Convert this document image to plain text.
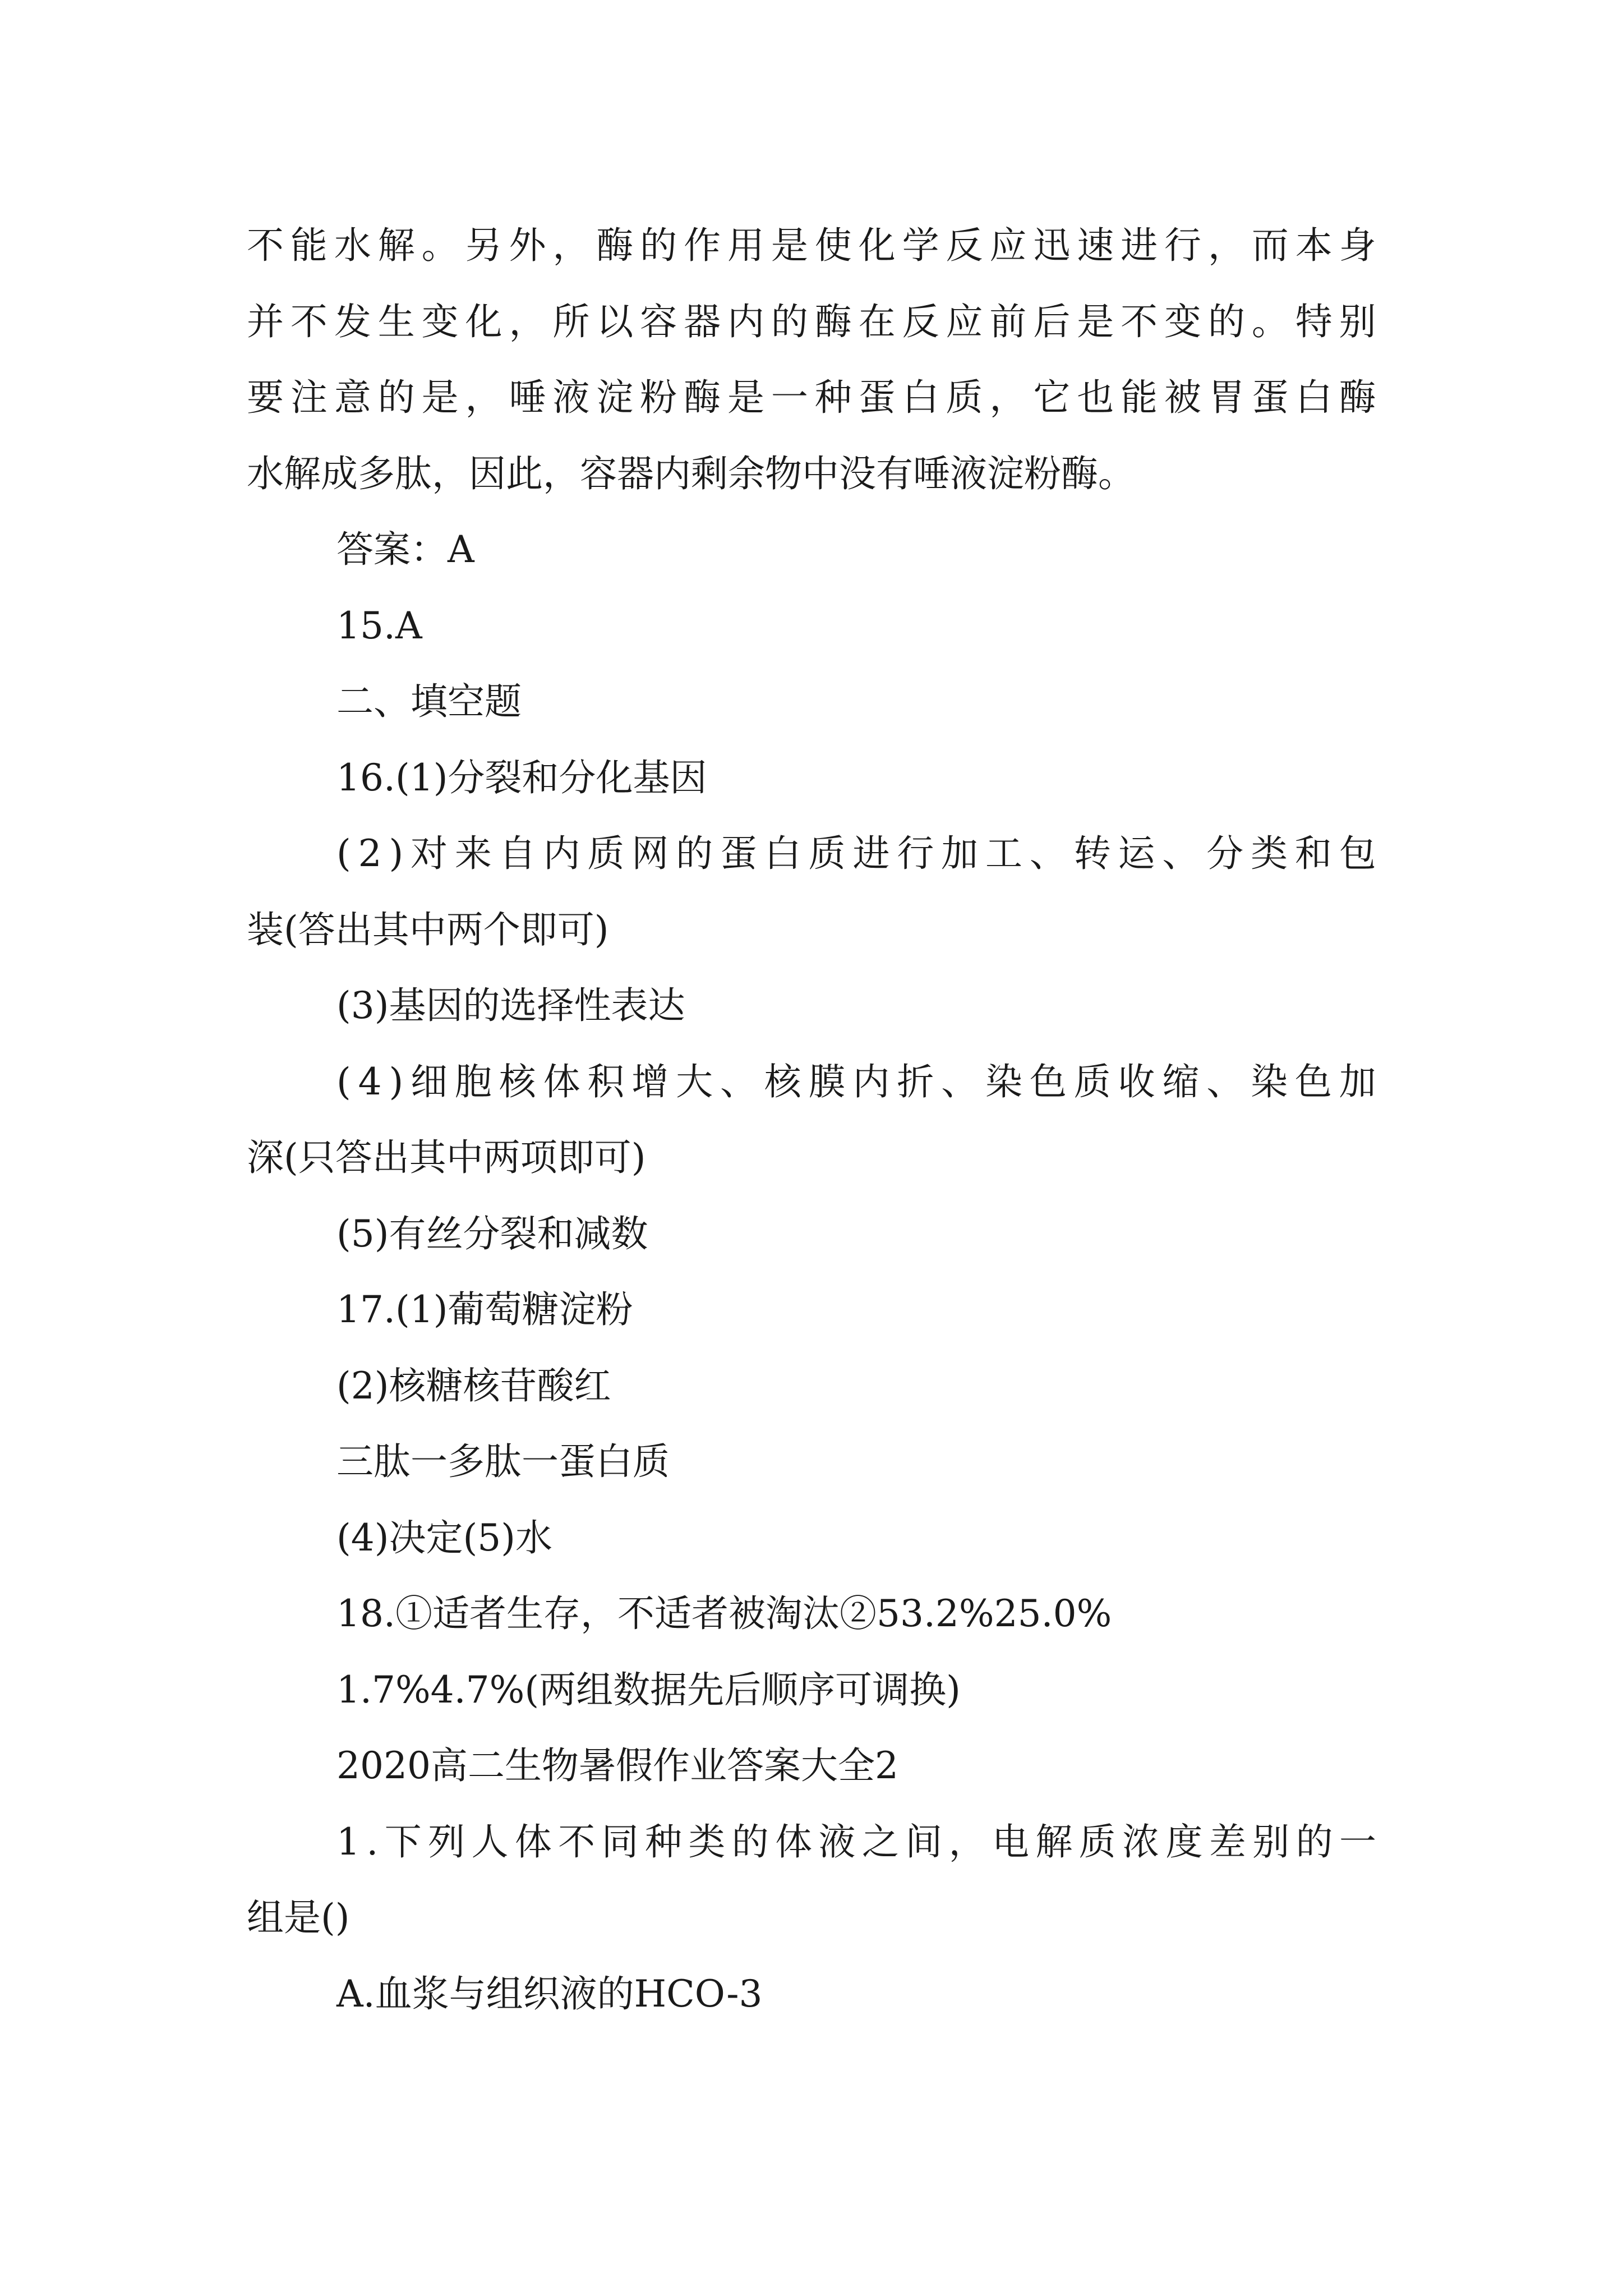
不 能 水 解 。 另 外 ， 酶 的 作 用 是 使 化 学 反 应 迅 速 进 行 ， 而 本 身
并 不 发 生 变 化 ， 所 以 容 器 内 的 酶 在 反 应 前 后 是 不 变 的 。 特 别
要 注 意 的 是 ， 唾 液 淀 粉 酶 是 一 种 蛋 白 质 ， 它 也 能 被 胃 蛋 白 酶
水解成多肽，因此，容器内剩余物中没有唾液淀粉酶。
答案：A
15.A
二、填空题
16.(1)分裂和分化基因
( 2 ) 对 来 自 内 质 网 的 蛋 白 质 进 行 加 工 、 转 运 、 分 类 和 包
装(答出其中两个即可)
(3)基因的选择性表达
( 4 ) 细 胞 核 体 积 增 大 、 核 膜 内 折 、 染 色 质 收 缩 、 染 色 加
深(只答出其中两项即可)
(5)有丝分裂和减数
17.(1)葡萄糖淀粉
(2)核糖核苷酸红
三肽一多肽一蛋白质
(4)决定(5)水
18.①适者生存，不适者被淘汰②53.2%25.0%
1.7%4.7%(两组数据先后顺序可调换)
2020高二生物暑假作业答案大全2
1 . 下 列 人 体 不 同 种 类 的 体 液 之 间 ， 电 解 质 浓 度 差 别 的 一
组是()
A.血浆与组织液的HCO-3
